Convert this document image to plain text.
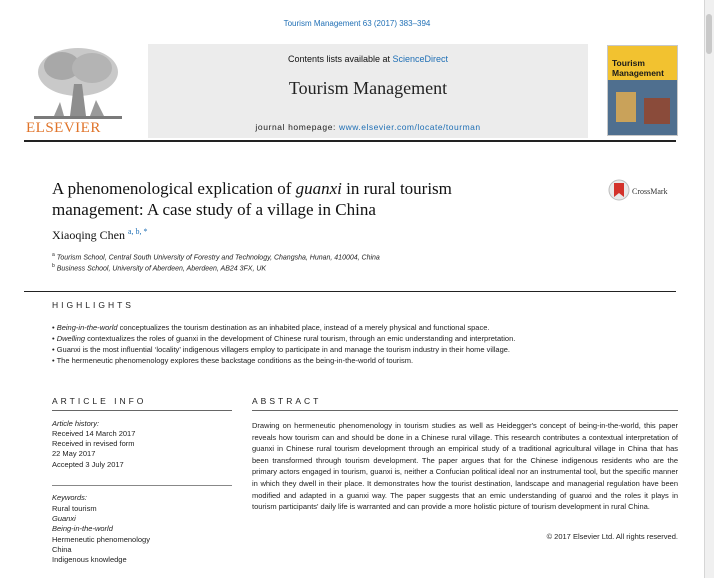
Tourism Management 63 (2017) 383–394
ELSEVIER
Contents lists available at ScienceDirect
Tourism Management
journal homepage: www.elsevier.com/locate/tourman
Tourism
Management
A phenomenological explication of guanxi in rural tourism
management: A case study of a village in China
CrossMark
Xiaoqing Chen $^{a, b, *}$
$^a$ Tourism School, Central South University of Forestry and Technology, Changsha, Hunan, 410004, China
$^b$ Business School, University of Aberdeen, Aberdeen, AB24 3FX, UK
HIGHLIGHTS
• Being-in-the-world conceptualizes the tourism destination as an inhabited place, instead of a merely physical and functional space.
• Dwelling contextualizes the roles of guanxi in the development of Chinese rural tourism, through an emic understanding and interpretation.
• Guanxi is the most influential ‘locality’ indigenous villagers employ to participate in and manage the tourism industry in their home village.
• The hermeneutic phenomenology explores these backstage conditions as the being-in-the-world of tourism.
ARTICLE INFO
Article history:
Received 14 March 2017
Received in revised form
22 May 2017
Accepted 3 July 2017
Keywords:
Rural tourism
Guanxi
Being-in-the-world
Hermeneutic phenomenology
China
Indigenous knowledge
ABSTRACT
Drawing on hermeneutic phenomenology in tourism studies as well as Heidegger's concept of being-in-the-world, this paper reveals how tourism can and should be done in a Chinese rural village. This research contributes a contextual interpretation of guanxi in Chinese rural tourism development through an empirical study of a traditional agricultural village in China that has been transformed through tourism development. The paper argues that for the Chinese indigenous residents who are the primary actors engaged in tourism, guanxi is, neither a Confucian political ideal nor an instrumental tool, but the specific manner in which they dwell in their place. It demonstrates how the tourist destination, landscape and managerial regulation have been modified and adapted in a guanxi way. The paper suggests that an emic understanding of guanxi and the roles it plays in tourism participants' daily life is warranted and can provide a more holistic picture of tourism development in rural China.
© 2017 Elsevier Ltd. All rights reserved.
